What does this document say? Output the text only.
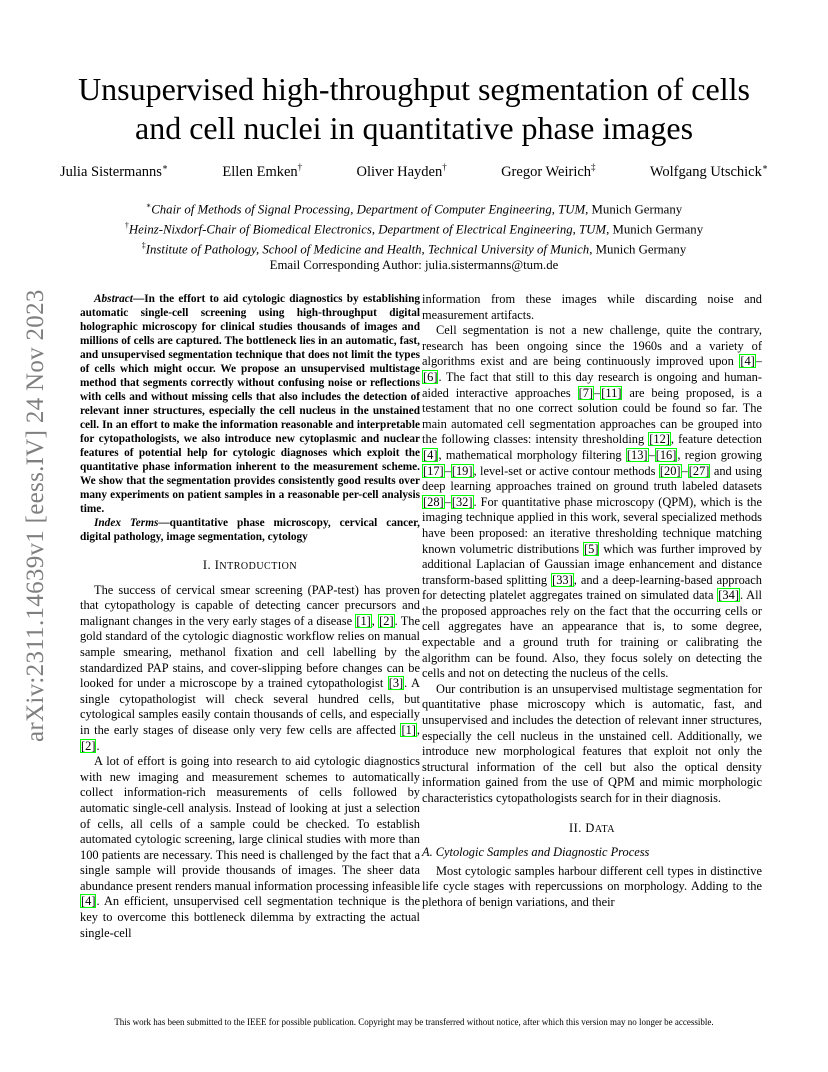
arXiv:2311.14639v1 [eess.IV] 24 Nov 2023
Unsupervised high-throughput segmentation of cells
and cell nuclei in quantitative phase images
Julia Sistermanns∗	Ellen Emken†	Oliver Hayden†	Gregor Weirich‡	Wolfgang Utschick∗
∗Chair of Methods of Signal Processing, Department of Computer Engineering, TUM, Munich Germany
†Heinz-Nixdorf-Chair of Biomedical Electronics, Department of Electrical Engineering, TUM, Munich Germany
‡Institute of Pathology, School of Medicine and Health, Technical University of Munich, Munich Germany
Email Corresponding Author: julia.sistermanns@tum.de

Abstract—In the effort to aid cytologic diagnostics by establishing automatic single-cell screening using high-throughput digital holographic microscopy for clinical studies thousands of images and millions of cells are captured. The bottleneck lies in an automatic, fast, and unsupervised segmentation technique that does not limit the types of cells which might occur. We propose an unsupervised multistage method that segments correctly without confusing noise or reflections with cells and without missing cells that also includes the detection of relevant inner structures, especially the cell nucleus in the unstained cell. In an effort to make the information reasonable and interpretable for cytopathologists, we also introduce new cytoplasmic and nuclear features of potential help for cytologic diagnoses which exploit the quantitative phase information inherent to the measurement scheme. We show that the segmentation provides consistently good results over many experiments on patient samples in a reasonable per-cell analysis time.

Index Terms—quantitative phase microscopy, cervical cancer, digital pathology, image segmentation, cytology

I. INTRODUCTION

The success of cervical smear screening (PAP-test) has proven that cytopathology is capable of detecting cancer precursors and malignant changes in the very early stages of a disease [1], [2]. The gold standard of the cytologic diagnostic workflow relies on manual sample smearing, methanol fixation and cell labelling by the standardized PAP stains, and cover-slipping before changes can be looked for under a microscope by a trained cytopathologist [3]. A single cytopathologist will check several hundred cells, but cytological samples easily contain thousands of cells, and especially in the early stages of disease only very few cells are affected [1], [2].

A lot of effort is going into research to aid cytologic diagnostics with new imaging and measurement schemes to automatically collect information-rich measurements of cells followed by automatic single-cell analysis. Instead of looking at just a selection of cells, all cells of a sample could be checked. To establish automated cytologic screening, large clinical studies with more than 100 patients are necessary. This need is challenged by the fact that a single sample will provide thousands of images. The sheer data abundance present renders manual information processing infeasible [4]. An efficient, unsupervised cell segmentation technique is the key to overcome this bottleneck dilemma by extracting the actual single-cell

information from these images while discarding noise and measurement artifacts.

Cell segmentation is not a new challenge, quite the contrary, research has been ongoing since the 1960s and a variety of algorithms exist and are being continuously improved upon [4]–[6]. The fact that still to this day research is ongoing and human-aided interactive approaches [7]–[11] are being proposed, is a testament that no one correct solution could be found so far. The main automated cell segmentation approaches can be grouped into the following classes: intensity thresholding [12], feature detection [4], mathematical morphology filtering [13]–[16], region growing [17]–[19], level-set or active contour methods [20]–[27] and using deep learning approaches trained on ground truth labeled datasets [28]–[32]. For quantitative phase microscopy (QPM), which is the imaging technique applied in this work, several specialized methods have been proposed: an iterative thresholding technique matching known volumetric distributions [5] which was further improved by additional Laplacian of Gaussian image enhancement and distance transform-based splitting [33], and a deep-learning-based approach for detecting platelet aggregates trained on simulated data [34]. All the proposed approaches rely on the fact that the occurring cells or cell aggregates have an appearance that is, to some degree, expectable and a ground truth for training or calibrating the algorithm can be found. Also, they focus solely on detecting the cells and not on detecting the nucleus of the cells.

Our contribution is an unsupervised multistage segmentation for quantitative phase microscopy which is automatic, fast, and unsupervised and includes the detection of relevant inner structures, especially the cell nucleus in the unstained cell. Additionally, we introduce new morphological features that exploit not only the structural information of the cell but also the optical density information gained from the use of QPM and mimic morphologic characteristics cytopathologists search for in their diagnosis.

II. DATA
A. Cytologic Samples and Diagnostic Process

Most cytologic samples harbour different cell types in distinctive life cycle stages with repercussions on morphology. Adding to the plethora of benign variations, and their

This work has been submitted to the IEEE for possible publication. Copyright may be transferred without notice, after which this version may no longer be accessible.
